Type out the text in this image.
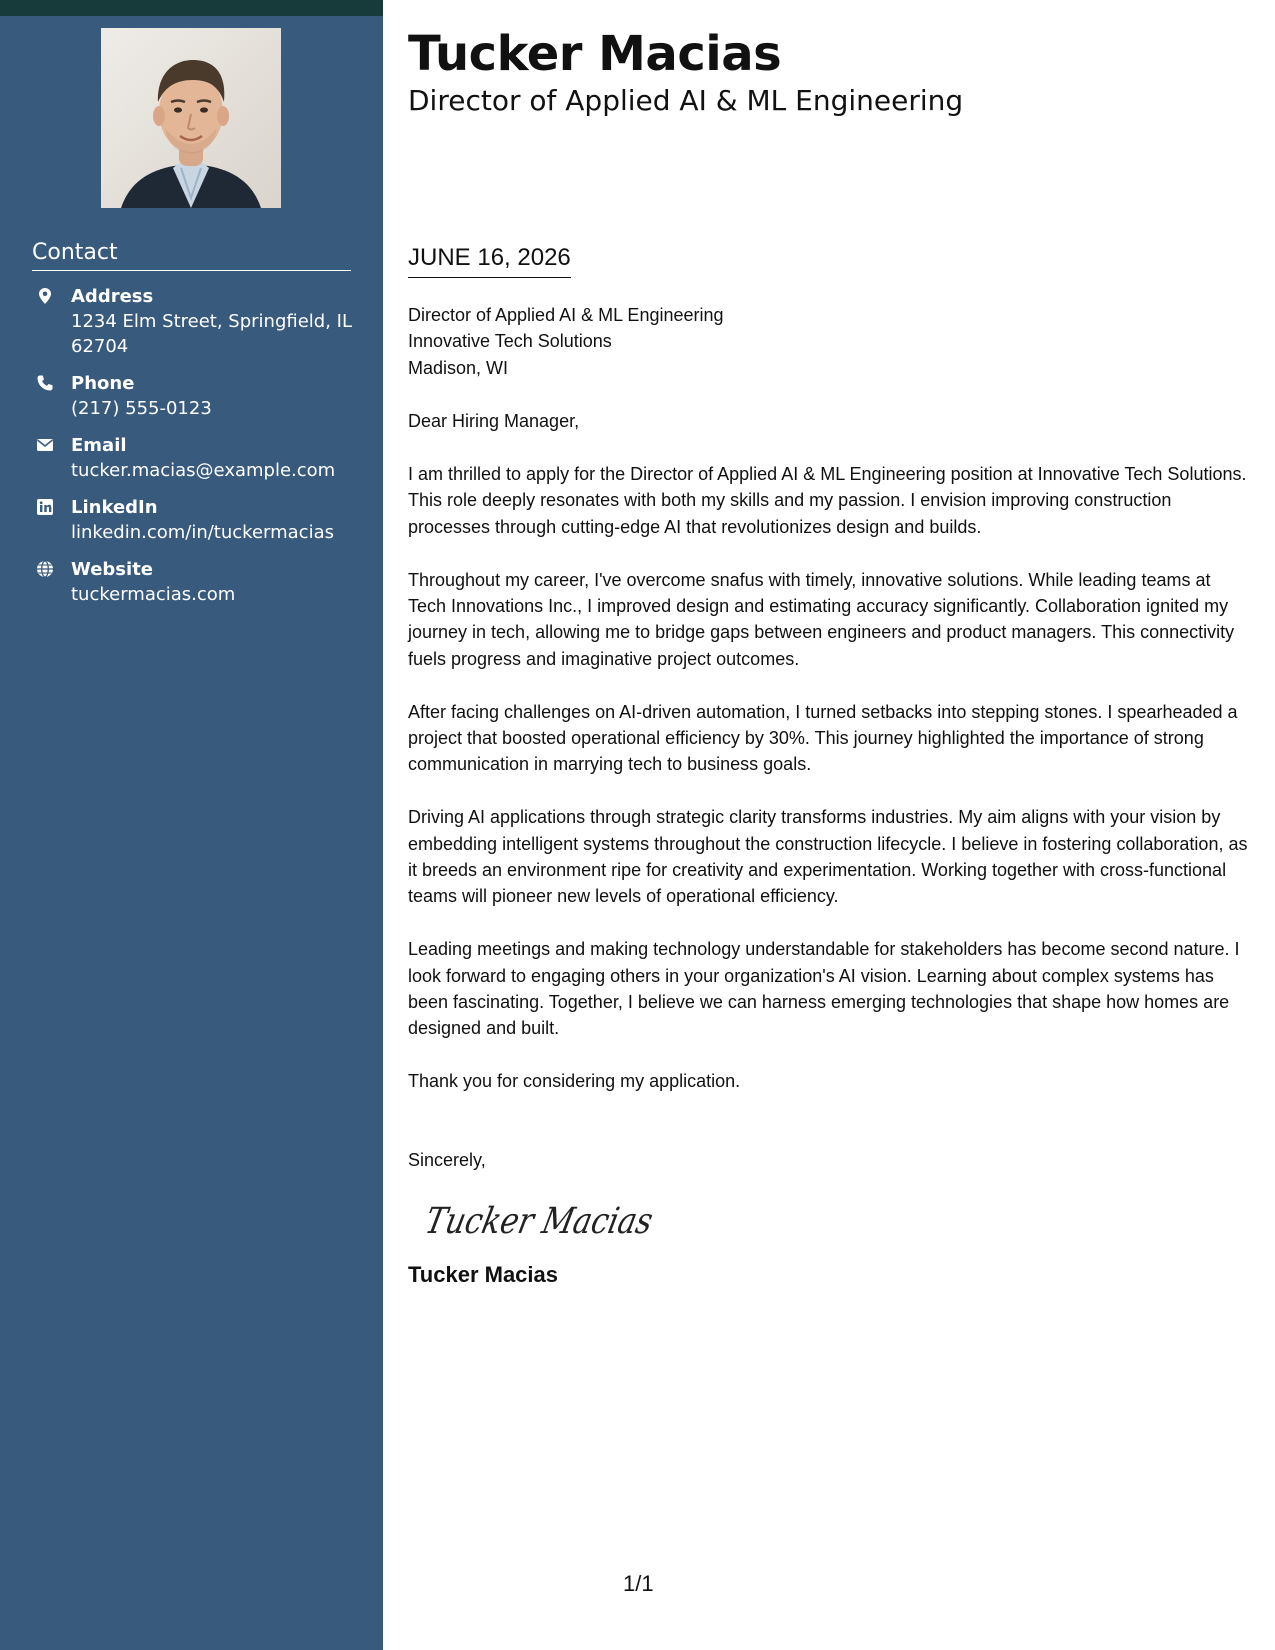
Contact
Address
1234 Elm Street, Springfield, IL 62704
Phone
(217) 555-0123
Email
tucker.macias@example.com
LinkedIn
linkedin.com/in/tuckermacias
Website
tuckermacias.com
Tucker Macias
Director of Applied AI & ML Engineering
JUNE 16, 2026
Director of Applied AI & ML Engineering
Innovative Tech Solutions
Madison, WI
Dear Hiring Manager,
I am thrilled to apply for the Director of Applied AI & ML Engineering position at Innovative Tech Solutions. This role deeply resonates with both my skills and my passion. I envision improving construction processes through cutting-edge AI that revolutionizes design and builds.
Throughout my career, I've overcome snafus with timely, innovative solutions. While leading teams at Tech Innovations Inc., I improved design and estimating accuracy significantly. Collaboration ignited my journey in tech, allowing me to bridge gaps between engineers and product managers. This connectivity fuels progress and imaginative project outcomes.
After facing challenges on AI-driven automation, I turned setbacks into stepping stones. I spearheaded a project that boosted operational efficiency by 30%. This journey highlighted the importance of strong communication in marrying tech to business goals.
Driving AI applications through strategic clarity transforms industries. My aim aligns with your vision by embedding intelligent systems throughout the construction lifecycle. I believe in fostering collaboration, as it breeds an environment ripe for creativity and experimentation. Working together with cross-functional teams will pioneer new levels of operational efficiency.
Leading meetings and making technology understandable for stakeholders has become second nature. I look forward to engaging others in your organization's AI vision. Learning about complex systems has been fascinating. Together, I believe we can harness emerging technologies that shape how homes are designed and built.
Thank you for considering my application.
Sincerely,
Tucker Macias
Tucker Macias
1/1
